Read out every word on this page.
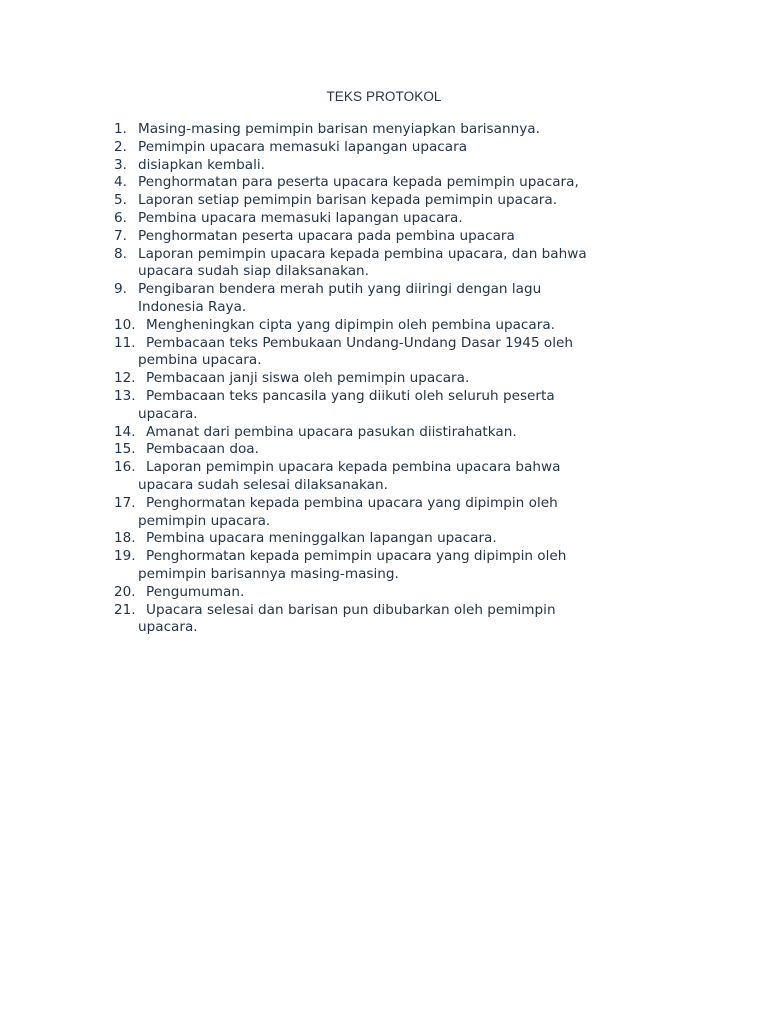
TEKS PROTOKOL
1. Masing-masing pemimpin barisan menyiapkan barisannya.
2. Pemimpin upacara memasuki lapangan upacara
3. disiapkan kembali.
4. Penghormatan para peserta upacara kepada pemimpin upacara,
5. Laporan setiap pemimpin barisan kepada pemimpin upacara.
6. Pembina upacara memasuki lapangan upacara.
7. Penghormatan peserta upacara pada pembina upacara
8. Laporan pemimpin upacara kepada pembina upacara, dan bahwa
upacara sudah siap dilaksanakan.
9. Pengibaran bendera merah putih yang diiringi dengan lagu
Indonesia Raya.
10. Mengheningkan cipta yang dipimpin oleh pembina upacara.
11. Pembacaan teks Pembukaan Undang-Undang Dasar 1945 oleh
pembina upacara.
12. Pembacaan janji siswa oleh pemimpin upacara.
13. Pembacaan teks pancasila yang diikuti oleh seluruh peserta
upacara.
14. Amanat dari pembina upacara pasukan diistirahatkan.
15. Pembacaan doa.
16. Laporan pemimpin upacara kepada pembina upacara bahwa
upacara sudah selesai dilaksanakan.
17. Penghormatan kepada pembina upacara yang dipimpin oleh
pemimpin upacara.
18. Pembina upacara meninggalkan lapangan upacara.
19. Penghormatan kepada pemimpin upacara yang dipimpin oleh
pemimpin barisannya masing-masing.
20. Pengumuman.
21. Upacara selesai dan barisan pun dibubarkan oleh pemimpin
upacara.
